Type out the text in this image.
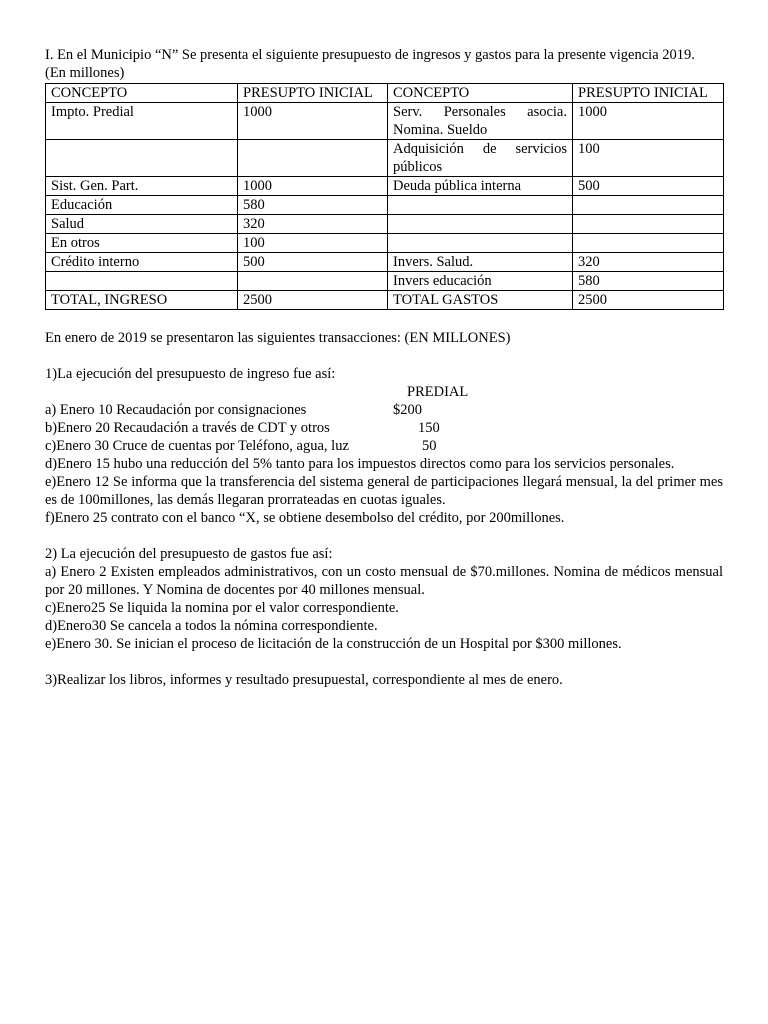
I. En el Municipio “N” Se presenta el siguiente presupuesto de ingresos y gastos para la presente vigencia 2019.
(En millones)
CONCEPTO	PRESUPTO INICIAL	CONCEPTO	PRESUPTO INICIAL
Impto. Predial	1000	Serv. Personales asocia. Nomina. Sueldo	1000
		Adquisición de servicios públicos	100
Sist. Gen. Part.	1000	Deuda pública interna	500
Educación	580		
Salud	320		
En otros	100		
Crédito interno	500	Invers. Salud.	320
		Invers educación	580
TOTAL, INGRESO	2500	TOTAL GASTOS	2500
En enero de 2019 se presentaron las siguientes transacciones: (EN MILLONES)
1)La ejecución del presupuesto de ingreso fue así:
PREDIAL
a) Enero 10 Recaudación por consignaciones	$200
b)Enero 20 Recaudación a través de CDT y otros	150
c)Enero 30 Cruce de cuentas por Teléfono, agua, luz	50
d)Enero 15 hubo una reducción del 5% tanto para los impuestos directos como para los servicios personales.
e)Enero 12 Se informa que la transferencia del sistema general de participaciones llegará mensual, la del primer mes es de 100millones, las demás llegaran prorrateadas en cuotas iguales.
f)Enero 25 contrato con el banco “X, se obtiene desembolso del crédito, por 200millones.
2) La ejecución del presupuesto de gastos fue así:
a) Enero 2 Existen empleados administrativos, con un costo mensual de $70.millones. Nomina de médicos mensual por 20 millones. Y Nomina de docentes por 40 millones mensual.
c)Enero25 Se liquida la nomina por el valor correspondiente.
d)Enero30 Se cancela a todos la nómina correspondiente.
e)Enero 30. Se inician el proceso de licitación de la construcción de un Hospital por $300 millones.
3)Realizar los libros, informes y resultado presupuestal, correspondiente al mes de enero.
